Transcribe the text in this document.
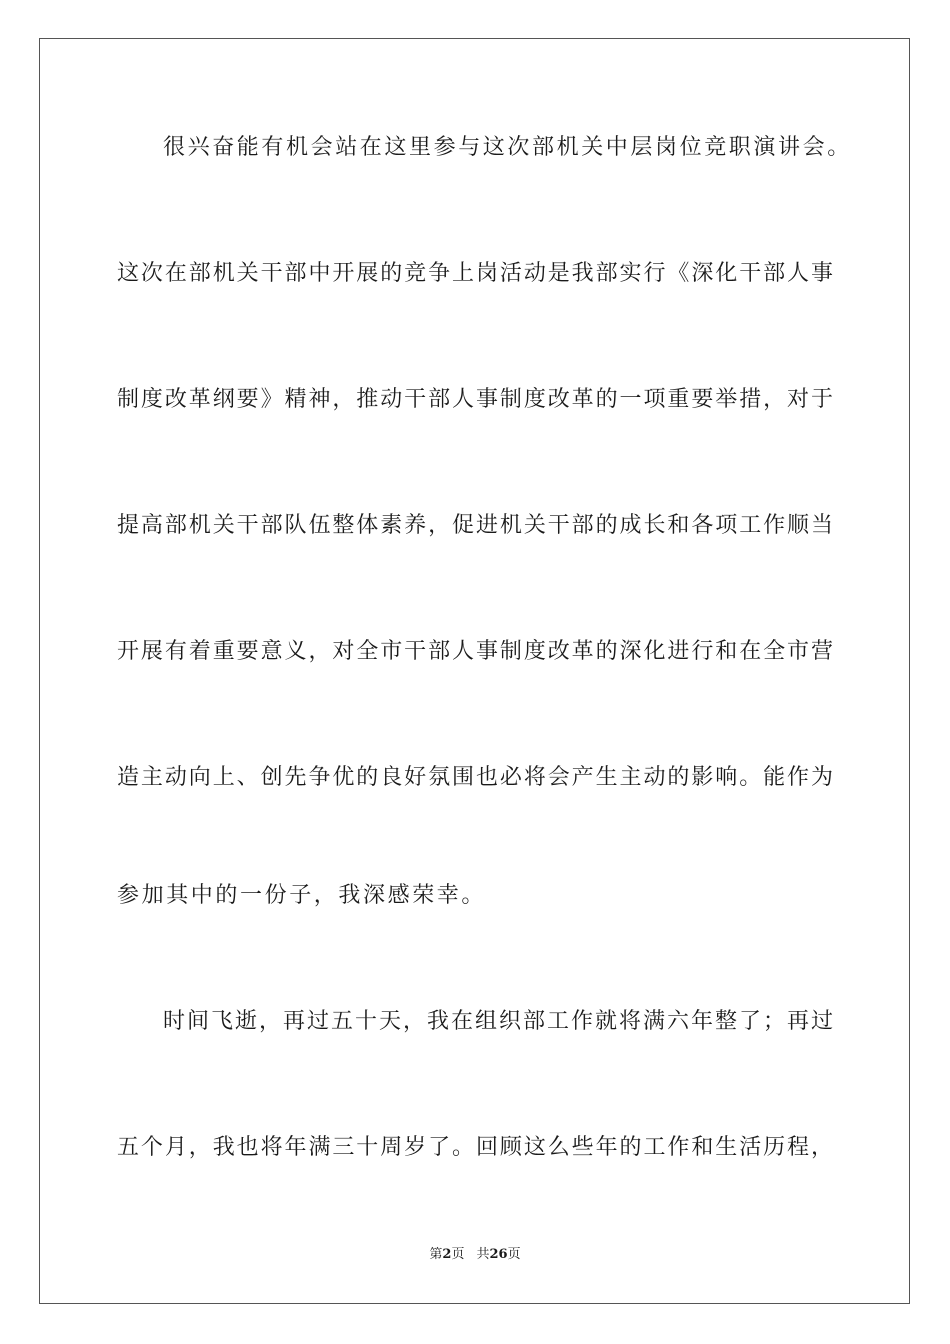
很兴奋能有机会站在这里参与这次部机关中层岗位竞职演讲会。
这次在部机关干部中开展的竞争上岗活动是我部实行《深化干部人事
制度改革纲要》精神，推动干部人事制度改革的一项重要举措，对于
提高部机关干部队伍整体素养，促进机关干部的成长和各项工作顺当
开展有着重要意义，对全市干部人事制度改革的深化进行和在全市营
造主动向上、创先争优的良好氛围也必将会产生主动的影响。能作为
参加其中的一份子，我深感荣幸。
时间飞逝，再过五十天，我在组织部工作就将满六年整了；再过
五个月，我也将年满三十周岁了。回顾这么些年的工作和生活历程，
第2页 共26页
